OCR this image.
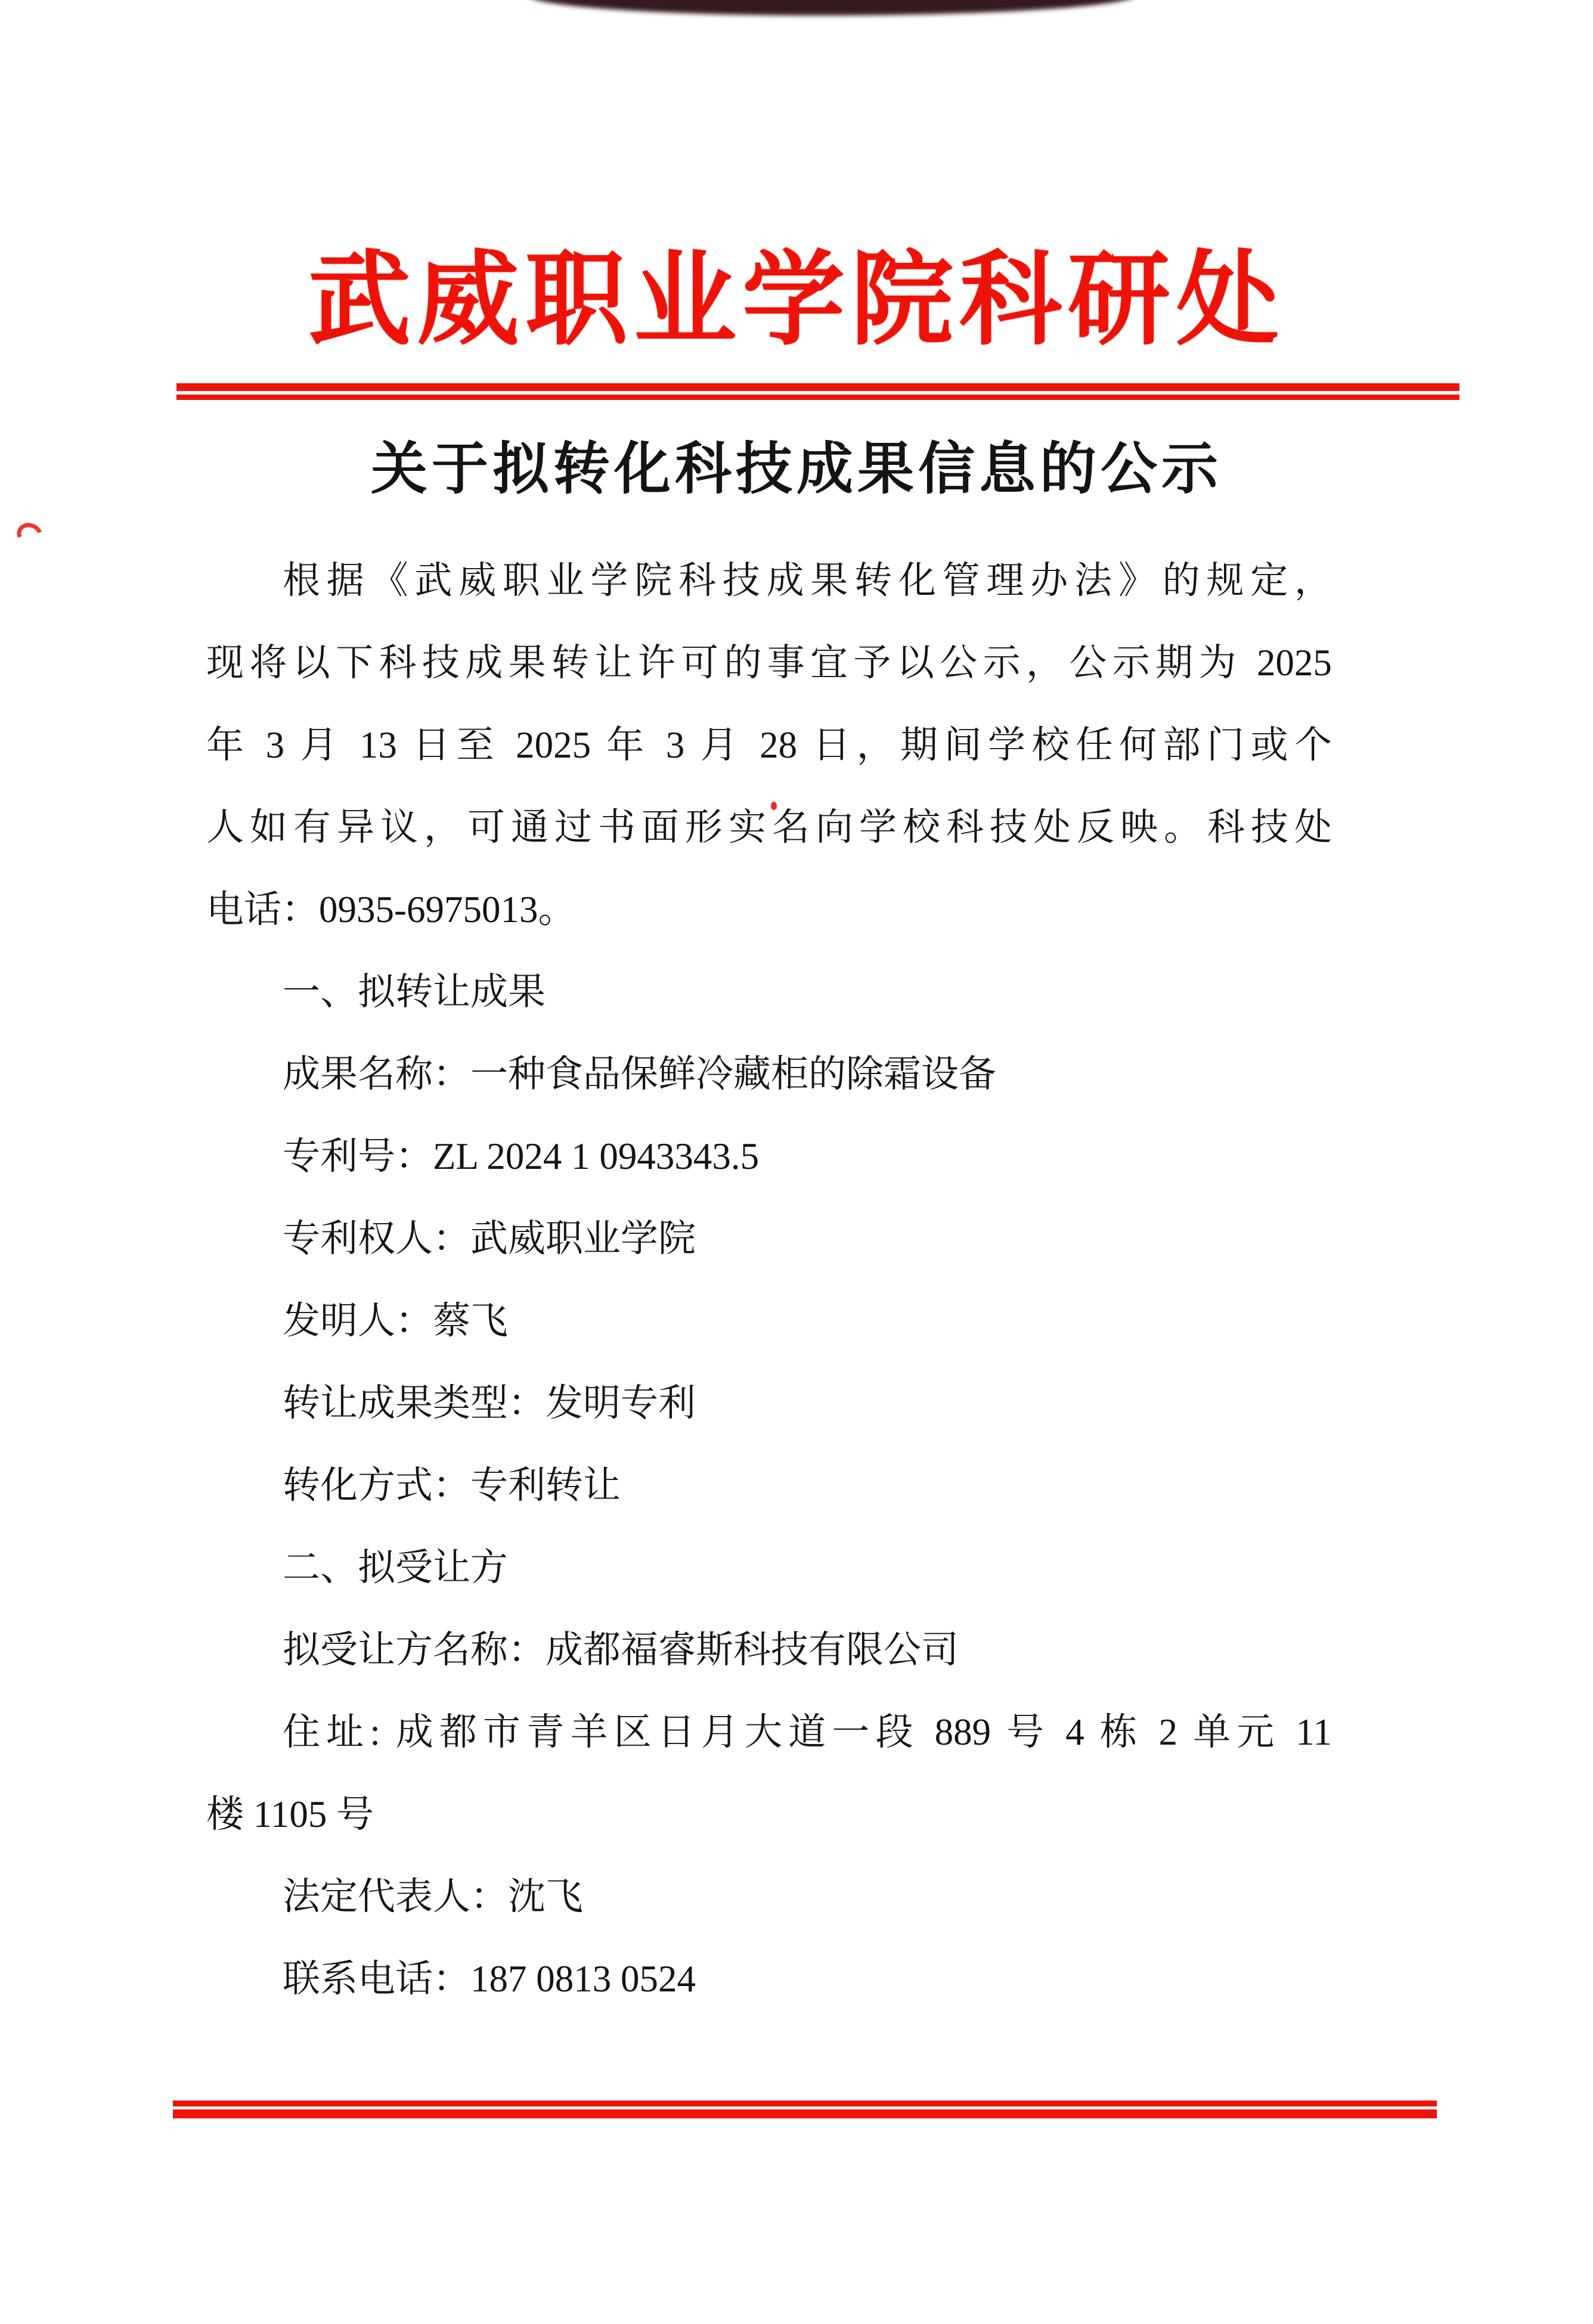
武威职业学院科研处
关于拟转化科技成果信息的公示
根据《武威职业学院科技成果转化管理办法》的规定，
现将以下科技成果转让许可的事宜予以公示，公示期为 2025
年 3 月 13 日至 2025 年 3 月 28 日，期间学校任何部门或个
人如有异议，可通过书面形实名向学校科技处反映。科技处
电话：0935-6975013。
一、拟转让成果
成果名称：一种食品保鲜冷藏柜的除霜设备
专利号：ZL 2024 1 0943343.5
专利权人：武威职业学院
发明人：蔡飞
转让成果类型：发明专利
转化方式：专利转让
二、拟受让方
拟受让方名称：成都福睿斯科技有限公司
住址: 成都市青羊区日月大道一段 889 号 4 栋 2 单元 11
楼 1105 号
法定代表人：沈飞
联系电话：187 0813 0524
